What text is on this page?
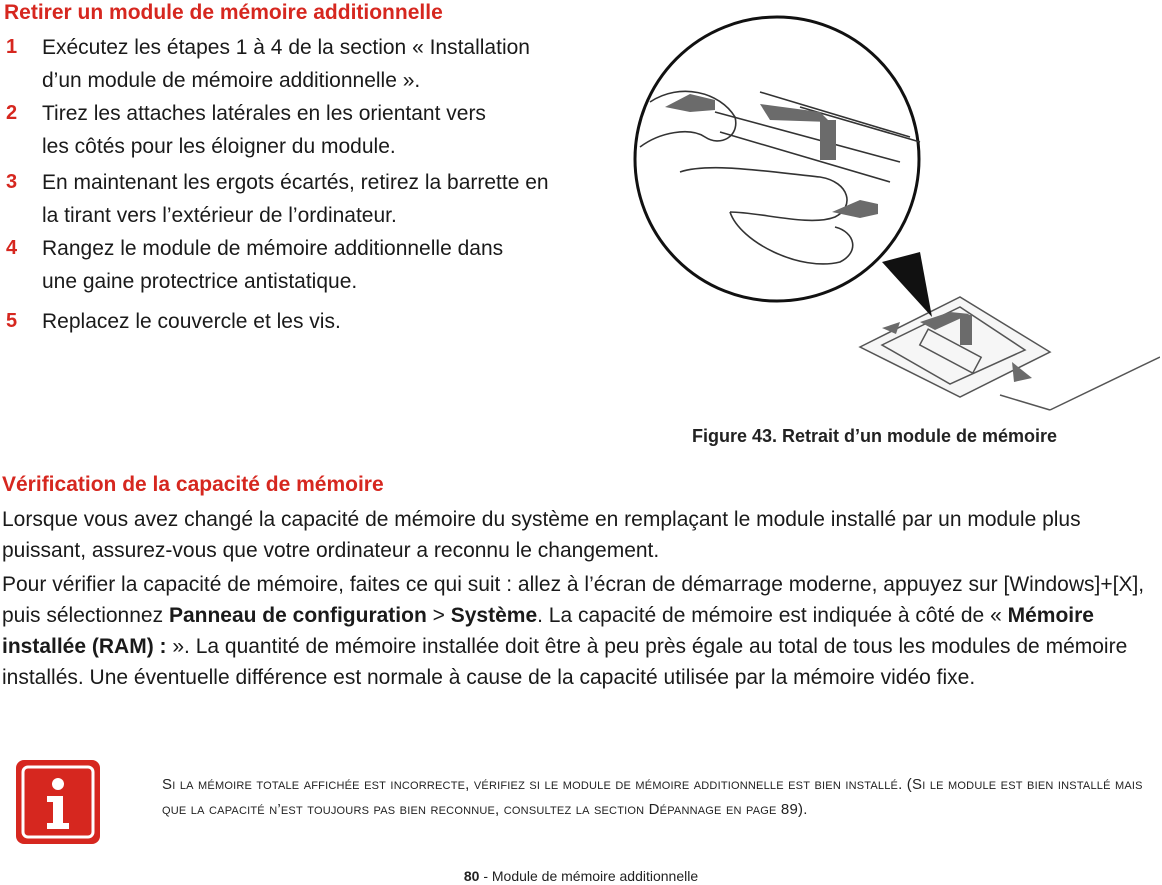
Retirer un module de mémoire additionnelle
1 Exécutez les étapes 1 à 4 de la section « Installation d’un module de mémoire additionnelle ».
2 Tirez les attaches latérales en les orientant vers les côtés pour les éloigner du module.
3 En maintenant les ergots écartés, retirez la barrette en la tirant vers l’extérieur de l’ordinateur.
4 Rangez le module de mémoire additionnelle dans une gaine protectrice antistatique.
5 Replacez le couvercle et les vis.
Figure 43. Retrait d’un module de mémoire
Vérification de la capacité de mémoire

Lorsque vous avez changé la capacité de mémoire du système en remplaçant le module installé par un module plus puissant, assurez-vous que votre ordinateur a reconnu le changement.

Pour vérifier la capacité de mémoire, faites ce qui suit : allez à l’écran de démarrage moderne, appuyez sur [Windows]+[X], puis sélectionnez Panneau de configuration > Système. La capacité de mémoire est indiquée à côté de « Mémoire installée (RAM) : ». La quantité de mémoire installée doit être à peu près égale au total de tous les modules de mémoire installés. Une éventuelle différence est normale à cause de la capacité utilisée par la mémoire vidéo fixe.

Si la mémoire totale affichée est incorrecte, vérifiez si le module de mémoire additionnelle est bien installé. (Si le module est bien installé mais que la capacité n’est toujours pas bien reconnue, consultez la section Dépannage en page 89).
80 - Module de mémoire additionnelle
